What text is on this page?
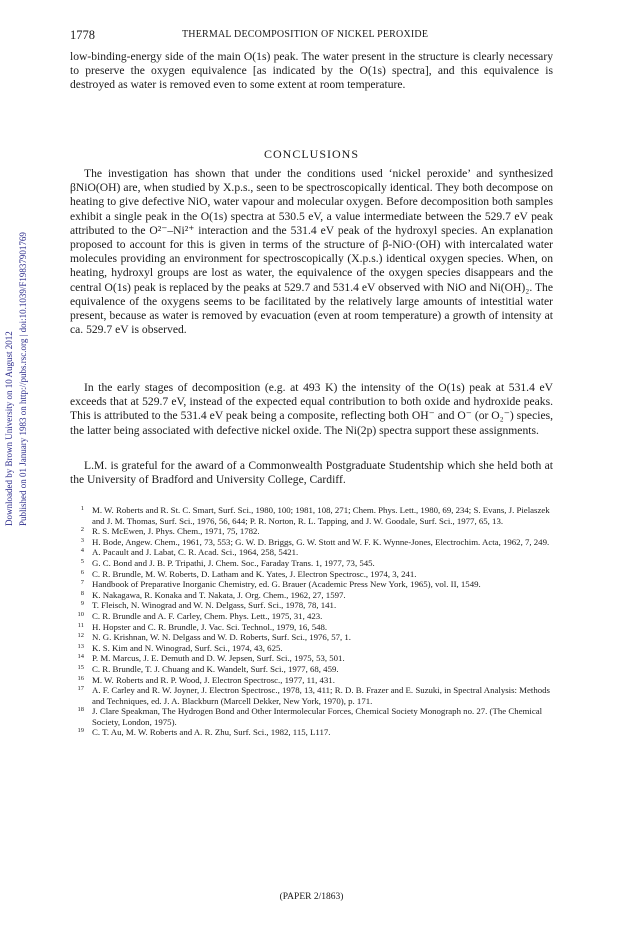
Downloaded by Brown University on 10 August 2012 Published on 01 January 1983 on http://pubs.rsc.org | doi:10.1039/F19837901769
1778	THERMAL DECOMPOSITION OF NICKEL PEROXIDE

low-binding-energy side of the main O(1s) peak. The water present in the structure is clearly necessary to preserve the oxygen equivalence [as indicated by the O(1s) spectra], and this equivalence is destroyed as water is removed even to some extent at room temperature.

CONCLUSIONS

The investigation has shown that under the conditions used ‘nickel peroxide’ and synthesized βNiO(OH) are, when studied by X.p.s., seen to be spectroscopically identical. They both decompose on heating to give defective NiO, water vapour and molecular oxygen. Before decomposition both samples exhibit a single peak in the O(1s) spectra at 530.5 eV, a value intermediate between the 529.7 eV peak attributed to the O²⁻–Ni²⁺ interaction and the 531.4 eV peak of the hydroxyl species. An explanation proposed to account for this is given in terms of the structure of β-NiO·(OH) with intercalated water molecules providing an environment for spectroscopically (X.p.s.) identical oxygen species. When, on heating, hydroxyl groups are lost as water, the equivalence of the oxygen species disappears and the central O(1s) peak is replaced by the peaks at 529.7 and 531.4 eV observed with NiO and Ni(OH)₂. The equivalence of the oxygens seems to be facilitated by the relatively large amounts of intestitial water present, because as water is removed by evacuation (even at room temperature) a growth of intensity at ca. 529.7 eV is observed.

In the early stages of decomposition (e.g. at 493 K) the intensity of the O(1s) peak at 531.4 eV exceeds that at 529.7 eV, instead of the expected equal contribution to both oxide and hydroxide peaks. This is attributed to the 531.4 eV peak being a composite, reflecting both OH⁻ and O⁻ (or O₂⁻) species, the latter being associated with defective nickel oxide. The Ni(2p) spectra support these assignments.

L.M. is grateful for the award of a Commonwealth Postgraduate Studentship which she held both at the University of Bradford and University College, Cardiff.

1 M. W. Roberts and R. St. C. Smart, Surf. Sci., 1980, 100; 1981, 108, 271; Chem. Phys. Lett., 1980, 69, 234; S. Evans, J. Pielaszek and J. M. Thomas, Surf. Sci., 1976, 56, 644; P. R. Norton, R. L. Tapping, and J. W. Goodale, Surf. Sci., 1977, 65, 13.
2 R. S. McEwen, J. Phys. Chem., 1971, 75, 1782.
3 H. Bode, Angew. Chem., 1961, 73, 553; G. W. D. Briggs, G. W. Stott and W. F. K. Wynne-Jones, Electrochim. Acta, 1962, 7, 249.
4 A. Pacault and J. Labat, C. R. Acad. Sci., 1964, 258, 5421.
5 G. C. Bond and J. B. P. Tripathi, J. Chem. Soc., Faraday Trans. 1, 1977, 73, 545.
6 C. R. Brundle, M. W. Roberts, D. Latham and K. Yates, J. Electron Spectrosc., 1974, 3, 241.
7 Handbook of Preparative Inorganic Chemistry, ed. G. Brauer (Academic Press New York, 1965), vol. II, 1549.
8 K. Nakagawa, R. Konaka and T. Nakata, J. Org. Chem., 1962, 27, 1597.
9 T. Fleisch, N. Winograd and W. N. Delgass, Surf. Sci., 1978, 78, 141.
10 C. R. Brundle and A. F. Carley, Chem. Phys. Lett., 1975, 31, 423.
11 H. Hopster and C. R. Brundle, J. Vac. Sci. Technol., 1979, 16, 548.
12 N. G. Krishnan, W. N. Delgass and W. D. Roberts, Surf. Sci., 1976, 57, 1.
13 K. S. Kim and N. Winograd, Surf. Sci., 1974, 43, 625.
14 P. M. Marcus, J. E. Demuth and D. W. Jepsen, Surf. Sci., 1975, 53, 501.
15 C. R. Brundle, T. J. Chuang and K. Wandelt, Surf. Sci., 1977, 68, 459.
16 M. W. Roberts and R. P. Wood, J. Electron Spectrosc., 1977, 11, 431.
17 A. F. Carley and R. W. Joyner, J. Electron Spectrosc., 1978, 13, 411; R. D. B. Frazer and E. Suzuki, in Spectral Analysis: Methods and Techniques, ed. J. A. Blackburn (Marcell Dekker, New York, 1970), p. 171.
18 J. Clare Speakman, The Hydrogen Bond and Other Intermolecular Forces, Chemical Society Monograph no. 27. (The Chemical Society, London, 1975).
19 C. T. Au, M. W. Roberts and A. R. Zhu, Surf. Sci., 1982, 115, L117.
(PAPER 2/1863)
